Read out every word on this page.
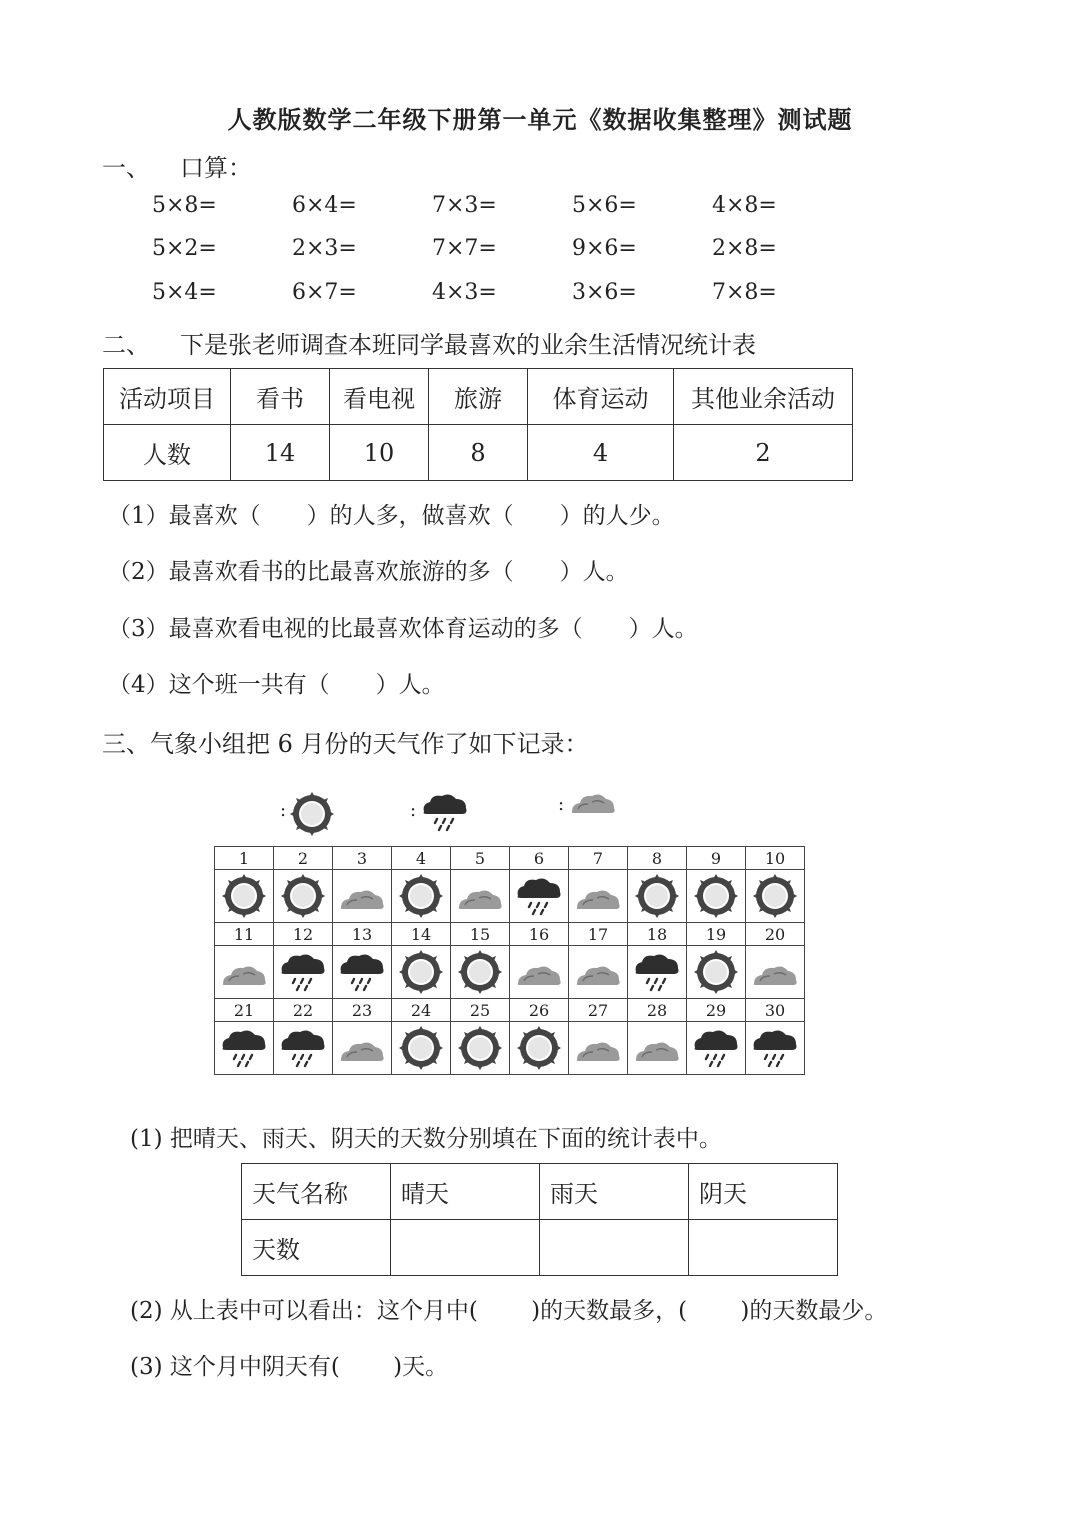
人教版数学二年级下册第一单元《数据收集整理》测试题
一、 口算：
5×8=	6×4=	7×3=	5×6=	4×8=
5×2=	2×3=	7×7=	9×6=	2×8=
5×4=	6×7=	4×3=	3×6=	7×8=
二、 下是张老师调查本班同学最喜欢的业余生活情况统计表
活动项目	看书	看电视	旅游	体育运动	其他业余活动
人数	14	10	8	4	2
（1）最喜欢（　　）的人多，做喜欢（　　）的人少。
（2）最喜欢看书的比最喜欢旅游的多（　　）人。
（3）最喜欢看电视的比最喜欢体育运动的多（　　）人。
（4）这个班一共有（　　）人。
三、气象小组把 6 月份的天气作了如下记录：
:	:	:
1	2	3	4	5	6	7	8	9	10

11	12	13	14	15	16	17	18	19	20

21	22	23	24	25	26	27	28	29	30

(1) 把晴天、雨天、阴天的天数分别填在下面的统计表中。
天气名称	晴天	雨天	阴天
天数			
(2) 从上表中可以看出：这个月中(　　 )的天数最多，(　　 )的天数最少。
(3) 这个月中阴天有(　　 )天。
